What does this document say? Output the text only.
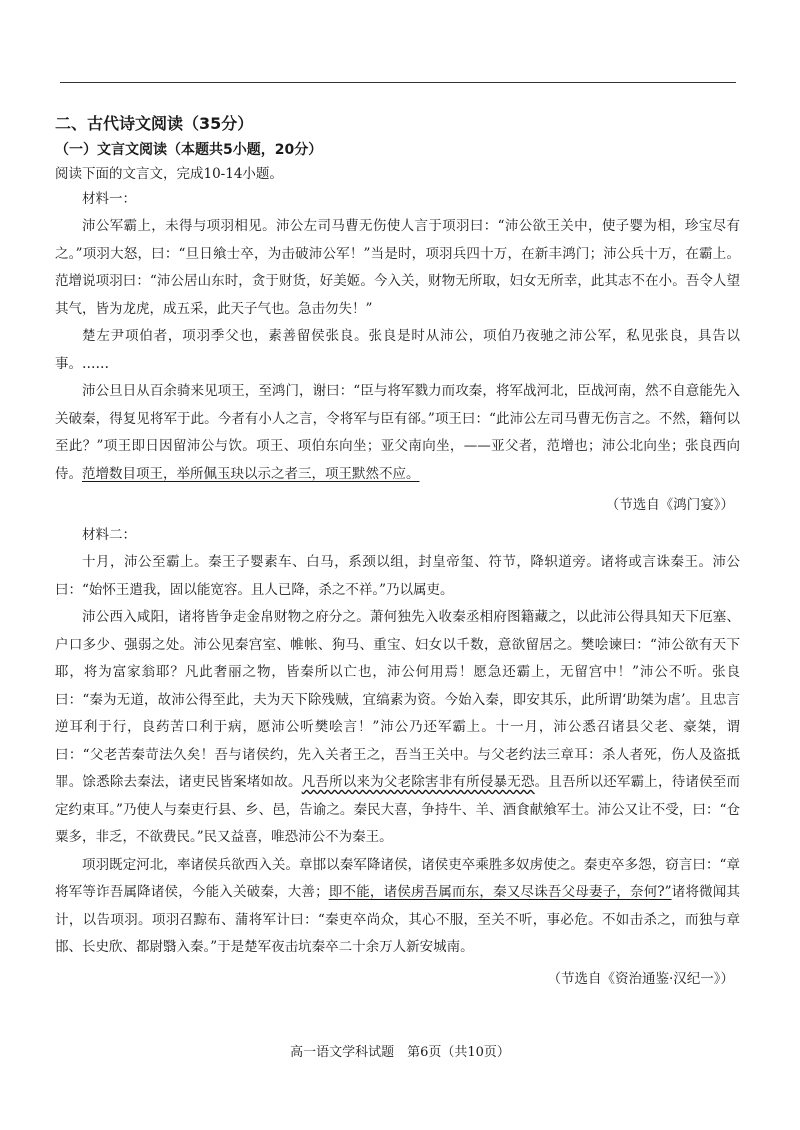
二、古代诗文阅读（35分）

（一）文言文阅读（本题共5小题，20分）

阅读下面的文言文，完成10-14小题。

材料一：

沛公军霸上，未得与项羽相见。沛公左司马曹无伤使人言于项羽曰：“沛公欲王关中，使子婴为相，珍宝尽有之。”项羽大怒，曰：“旦日飨士卒，为击破沛公军！”当是时，项羽兵四十万，在新丰鸿门；沛公兵十万，在霸上。范增说项羽曰：“沛公居山东时，贪于财货，好美姬。今入关，财物无所取，妇女无所幸，此其志不在小。吾令人望其气，皆为龙虎，成五采，此天子气也。急击勿失！”

楚左尹项伯者，项羽季父也，素善留侯张良。张良是时从沛公，项伯乃夜驰之沛公军，私见张良，具告以事。……

沛公旦日从百余骑来见项王，至鸿门，谢曰：“臣与将军戮力而攻秦，将军战河北，臣战河南，然不自意能先入关破秦，得复见将军于此。今者有小人之言，令将军与臣有郤。”项王曰：“此沛公左司马曹无伤言之。不然，籍何以至此？”项王即日因留沛公与饮。项王、项伯东向坐；亚父南向坐，——亚父者，范增也；沛公北向坐；张良西向侍。范增数目项王，举所佩玉玦以示之者三，项王默然不应。

（节选自《鸿门宴》）

材料二：

十月，沛公至霸上。秦王子婴素车、白马，系颈以组，封皇帝玺、符节，降轵道旁。诸将或言诛秦王。沛公曰：“始怀王遣我，固以能宽容。且人已降，杀之不祥。”乃以属吏。

沛公西入咸阳，诸将皆争走金帛财物之府分之。萧何独先入收秦丞相府图籍藏之，以此沛公得具知天下厄塞、户口多少、强弱之处。沛公见秦宫室、帷帐、狗马、重宝、妇女以千数，意欲留居之。樊哙谏曰：“沛公欲有天下耶，将为富家翁耶？凡此奢丽之物，皆秦所以亡也，沛公何用焉！愿急还霸上，无留宫中！”沛公不听。张良曰：“秦为无道，故沛公得至此，夫为天下除残贼，宜缟素为资。今始入秦，即安其乐，此所谓‘助桀为虐’。且忠言逆耳利于行，良药苦口利于病，愿沛公听樊哙言！”沛公乃还军霸上。十一月，沛公悉召诸县父老、豪桀，谓曰：“父老苦秦苛法久矣！吾与诸侯约，先入关者王之，吾当王关中。与父老约法三章耳：杀人者死，伤人及盗抵罪。馀悉除去秦法，诸吏民皆案堵如故。凡吾所以来为父老除害非有所侵暴无恐。且吾所以还军霸上，待诸侯至而定约束耳。”乃使人与秦吏行县、乡、邑，告谕之。秦民大喜，争持牛、羊、酒食献飨军士。沛公又让不受，曰：“仓粟多，非乏，不欲费民。”民又益喜，唯恐沛公不为秦王。

项羽既定河北，率诸侯兵欲西入关。章邯以秦军降诸侯，诸侯吏卒乘胜多奴虏使之。秦吏卒多怨，窃言曰：“章将军等诈吾属降诸侯，今能入关破秦，大善；即不能，诸侯虏吾属而东，秦又尽诛吾父母妻子，奈何?”诸将微闻其计，以告项羽。项羽召黥布、蒲将军计曰：“秦吏卒尚众，其心不服，至关不听，事必危。不如击杀之，而独与章邯、长史欣、都尉翳入秦。”于是楚军夜击坑秦卒二十余万人新安城南。

（节选自《资治通鉴·汉纪一》）

高一语文学科试题　第6页（共10页）
